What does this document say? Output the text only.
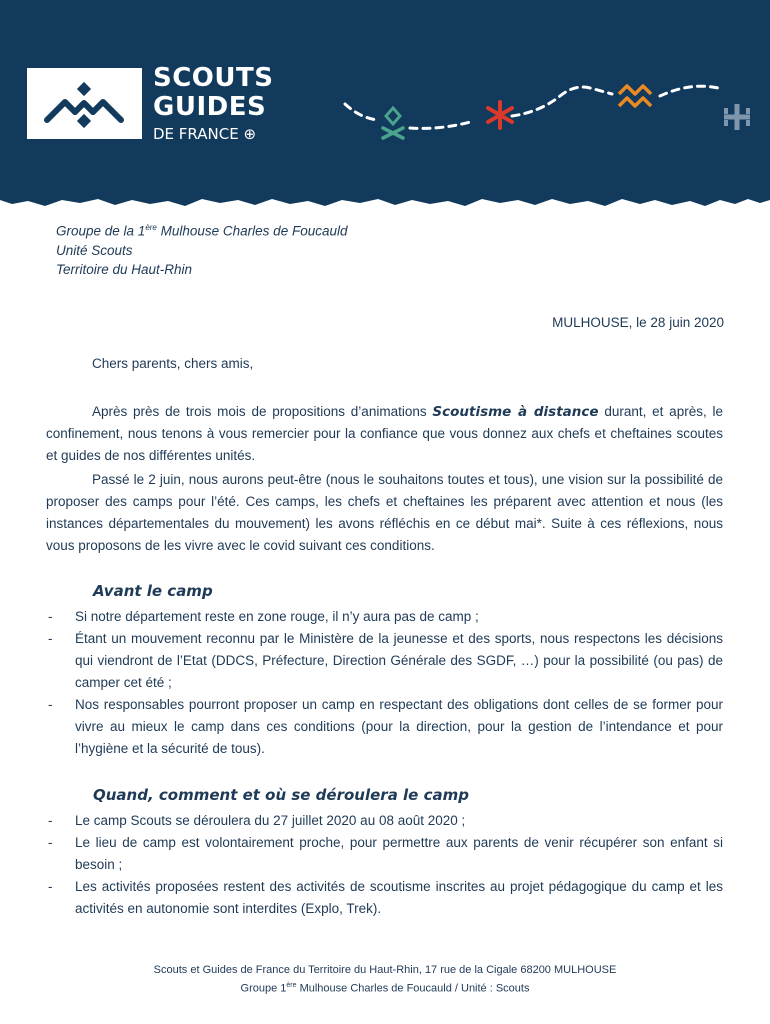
SCOUTS
GUIDES
DE FRANCE ⊕
Groupe de la 1ère Mulhouse Charles de Foucauld
Unité Scouts
Territoire du Haut-Rhin
MULHOUSE, le 28 juin 2020
Chers parents, chers amis,
Après près de trois mois de propositions d’animations Scoutisme à distance durant, et après, le confinement, nous tenons à vous remercier pour la confiance que vous donnez aux chefs et cheftaines scoutes et guides de nos différentes unités.
Passé le 2 juin, nous aurons peut-être (nous le souhaitons toutes et tous), une vision sur la possibilité de proposer des camps pour l’été. Ces camps, les chefs et cheftaines les préparent avec attention et nous (les instances départementales du mouvement) les avons réfléchis en ce début mai*. Suite à ces réflexions, nous vous proposons de les vivre avec le covid suivant ces conditions.
Avant le camp
- Si notre département reste en zone rouge, il n’y aura pas de camp ;
- Étant un mouvement reconnu par le Ministère de la jeunesse et des sports, nous respectons les décisions qui viendront de l’Etat (DDCS, Préfecture, Direction Générale des SGDF, …) pour la possibilité (ou pas) de camper cet été ;
- Nos responsables pourront proposer un camp en respectant des obligations dont celles de se former pour vivre au mieux le camp dans ces conditions (pour la direction, pour la gestion de l’intendance et pour l’hygiène et la sécurité de tous).
Quand, comment et où se déroulera le camp
- Le camp Scouts se déroulera du 27 juillet 2020 au 08 août 2020 ;
- Le lieu de camp est volontairement proche, pour permettre aux parents de venir récupérer son enfant si besoin ;
- Les activités proposées restent des activités de scoutisme inscrites au projet pédagogique du camp et les activités en autonomie sont interdites (Explo, Trek).
Scouts et Guides de France du Territoire du Haut-Rhin, 17 rue de la Cigale 68200 MULHOUSE
Groupe 1ère Mulhouse Charles de Foucauld / Unité : Scouts
